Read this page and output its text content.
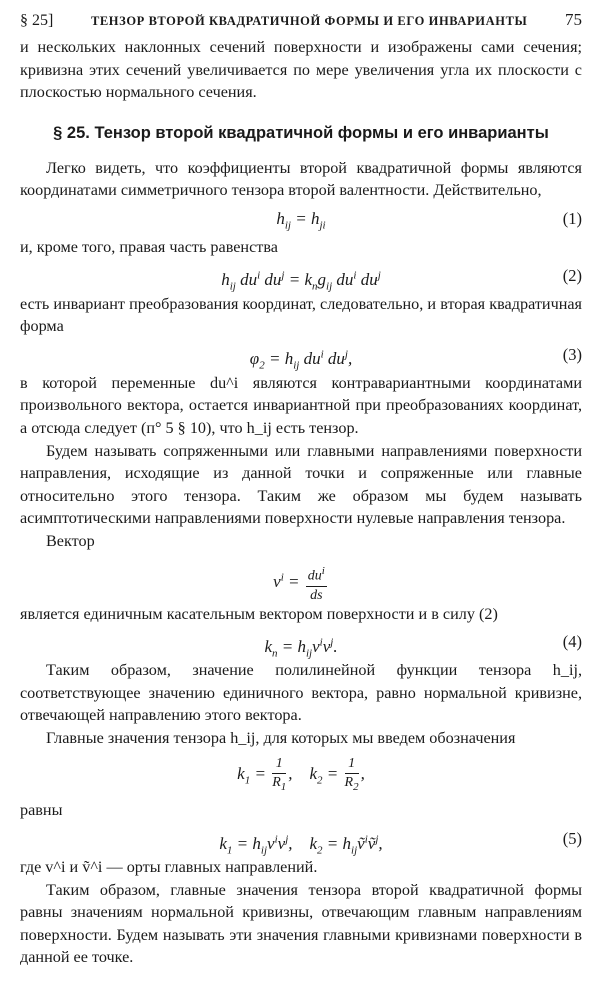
§ 25]	ТЕНЗОР ВТОРОЙ КВАДРАТИЧНОЙ ФОРМЫ И ЕГО ИНВАРИАНТЫ 75

и нескольких наклонных сечений поверхности и изображены сами сечения; кривизна этих сечений увеличивается по мере увеличения угла их плоскости с плоскостью нормального сечения.

§ 25. Тензор второй квадратичной формы и его инварианты

Легко видеть, что коэффициенты второй квадратичной формы являются координатами симметричного тензора второй валентности. Действительно,

$h_{ij} = h_{ji}$	(1)

и, кроме того, правая часть равенства

$h_{ij}$ $du^i$ $du^j = k_ng_{ij}$ $du^i$ $du^j$	(2)

есть инвариант преобразования координат, следовательно, и вторая квадратичная форма

$\varphi_2 = h_{ij}$ $du^i$ $du^j$,	(3)

в которой переменные du^i являются контравариантными координатами произвольного вектора, остается инвариантной при преобразованиях координат, а отсюда следует (п° 5 § 10), что h_ij есть тензор.

Будем называть сопряженными или главными направлениями поверхности направления, исходящие из данной точки и сопряженные или главные относительно этого тензора. Таким же образом мы будем называть асимптотическими направлениями поверхности нулевые направления тензора.

Вектор

$v^i = \frac{du^i}{ds}$

является единичным касательным вектором поверхности и в силу (2)

$k_n = h_{ij}v^iv^j$.	(4)

Таким образом, значение полилинейной функции тензора h_ij, соответствующее значению единичного вектора, равно нормальной кривизне, отвечающей направлению этого вектора.

Главные значения тензора h_ij, для которых мы введем обозначения

$k_1 = \frac{1}{R_1}$ ,    $k_2 = \frac{1}{R_2}$ ,

равны

$k_1 = h_{ij}v^iv^j$,    $k_2$ = $h_{ij}ṽ^iṽ^j$,	(5)

где v^i и ṽ^i — орты главных направлений.

Таким образом, главные значения тензора второй квадратичной формы равны значениям нормальной кривизны, отвечающим главным направлениям поверхности. Будем называть эти значения главными кривизнами поверхности в данной ее точке.
